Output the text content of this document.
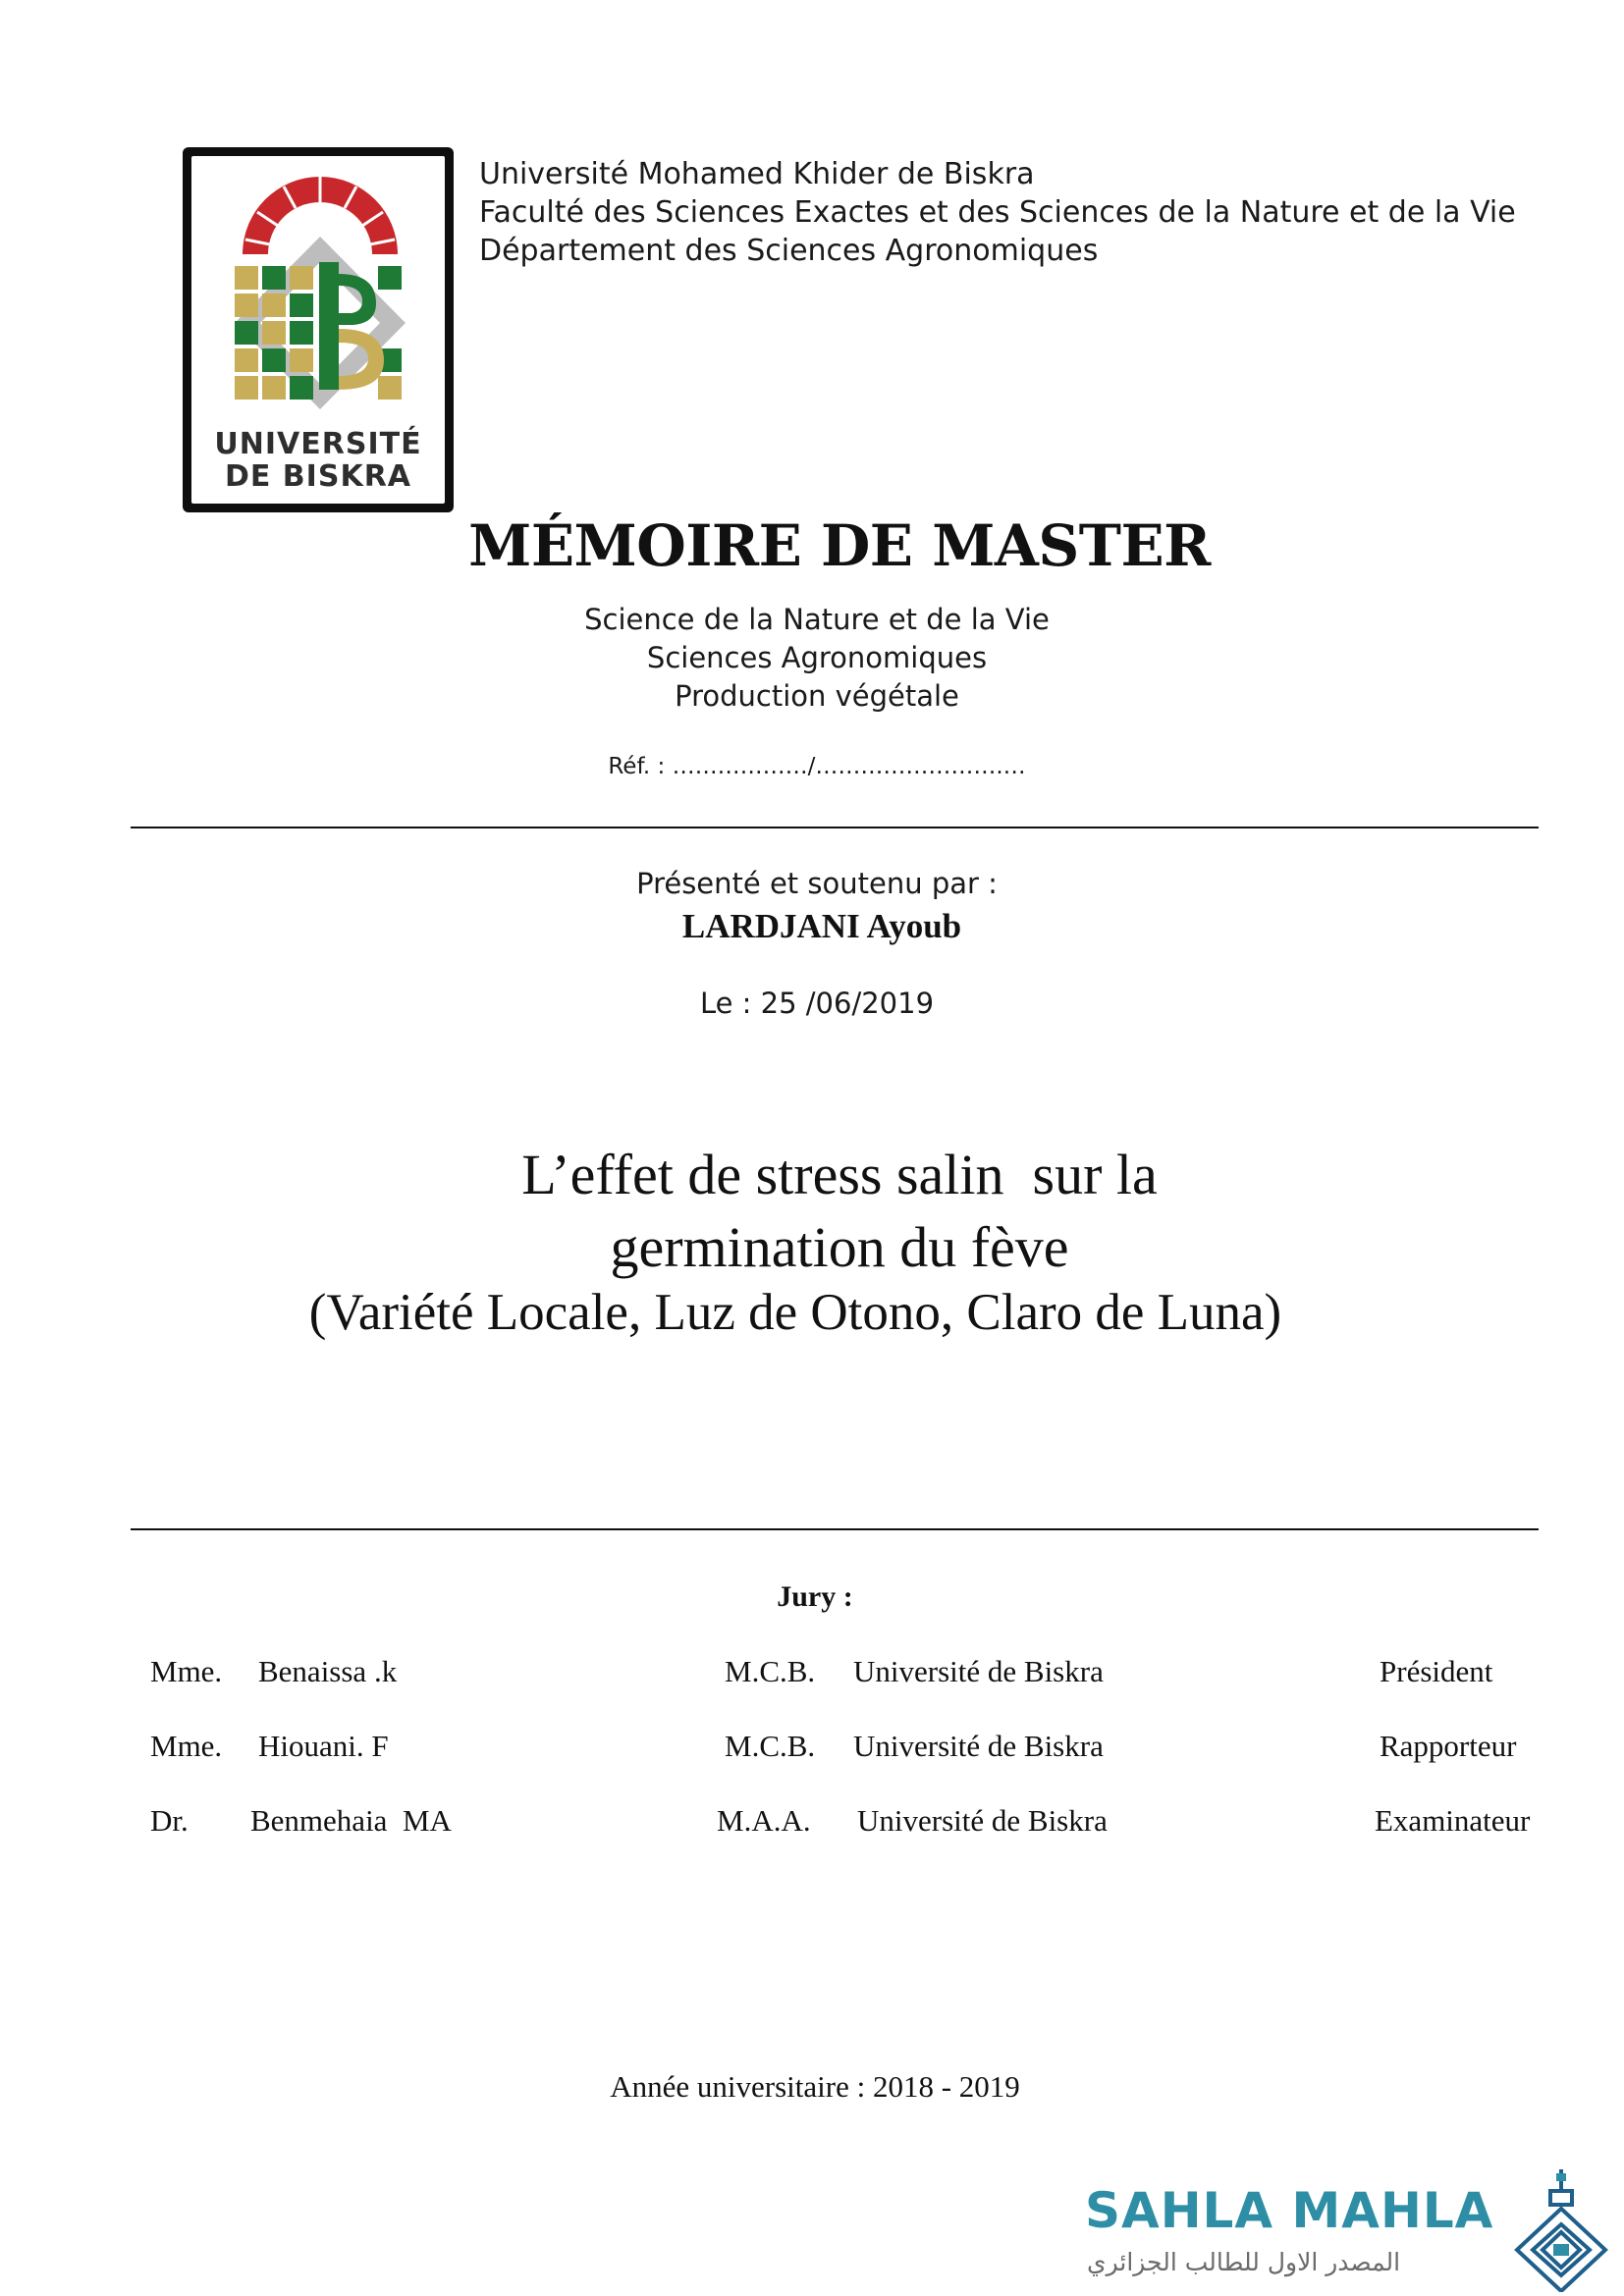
UNIVERSITÉ
DE BISKRA
Université Mohamed Khider de Biskra
Faculté des Sciences Exactes et des Sciences de la Nature et de la Vie
Département des Sciences Agronomiques
MÉMOIRE DE MASTER
Science de la Nature et de la Vie
Sciences Agronomiques
Production végétale
Réf. : ………………/…………………….…
Présenté et soutenu par :
LARDJANI Ayoub
Le : 25 /06/2019
L’effet de stress salin  sur la
germination du fève
(Variété Locale, Luz de Otono, Claro de Luna)
Jury :
Mme. Benaissa .k	M.C.B. Université de Biskra	Président
Mme. Hiouani. F	M.C.B. Université de Biskra	Rapporteur
Dr. Benmehaia  MA	M.A.A. Université de Biskra	Examinateur
Année universitaire : 2018 - 2019
SAHLA MAHLA
المصدر الاول للطالب الجزائري
